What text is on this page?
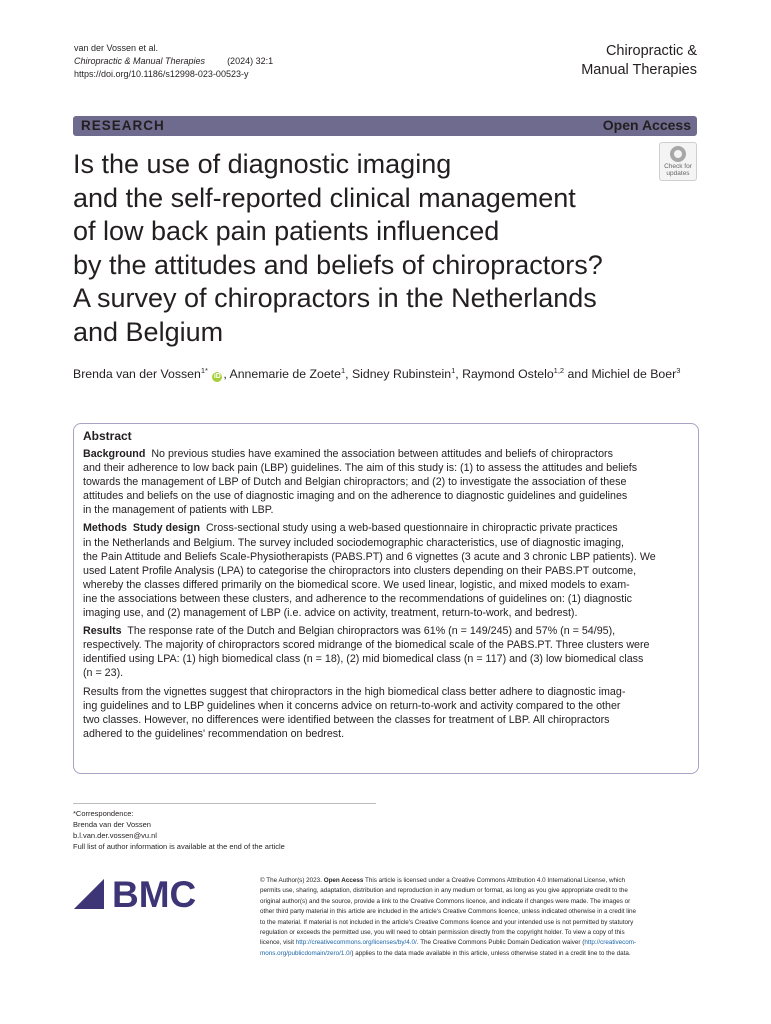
van der Vossen et al.
Chiropractic & Manual Therapies (2024) 32:1
https://doi.org/10.1186/s12998-023-00523-y
Chiropractic &
Manual Therapies
RESEARCH	Open Access
Check for
updates
Is the use of diagnostic imaging
and the self-reported clinical management
of low back pain patients influenced
by the attitudes and beliefs of chiropractors?
A survey of chiropractors in the Netherlands
and Belgium
Brenda van der Vossen$^{1*}$ iD , Annemarie de Zoete$^1$, Sidney Rubinstein$^1$, Raymond Ostelo$^{1,2}$ and Michiel de Boer$^3$
Abstract

Background No previous studies have examined the association between attitudes and beliefs of chiropractors
and their adherence to low back pain (LBP) guidelines. The aim of this study is: (1) to assess the attitudes and beliefs
towards the management of LBP of Dutch and Belgian chiropractors; and (2) to investigate the association of these
attitudes and beliefs on the use of diagnostic imaging and on the adherence to diagnostic guidelines and guidelines
in the management of patients with LBP.

Methods Study design Cross-sectional study using a web-based questionnaire in chiropractic private practices
in the Netherlands and Belgium. The survey included sociodemographic characteristics, use of diagnostic imaging,
the Pain Attitude and Beliefs Scale-Physiotherapists (PABS.PT) and 6 vignettes (3 acute and 3 chronic LBP patients). We
used Latent Profile Analysis (LPA) to categorise the chiropractors into clusters depending on their PABS.PT outcome,
whereby the classes differed primarily on the biomedical score. We used linear, logistic, and mixed models to exam-
ine the associations between these clusters, and adherence to the recommendations of guidelines on: (1) diagnostic
imaging use, and (2) management of LBP (i.e. advice on activity, treatment, return-to-work, and bedrest).

Results The response rate of the Dutch and Belgian chiropractors was 61% (n = 149/245) and 57% (n = 54/95),
respectively. The majority of chiropractors scored midrange of the biomedical scale of the PABS.PT. Three clusters were
identified using LPA: (1) high biomedical class (n = 18), (2) mid biomedical class (n = 117) and (3) low biomedical class
(n = 23).

Results from the vignettes suggest that chiropractors in the high biomedical class better adhere to diagnostic imag-
ing guidelines and to LBP guidelines when it concerns advice on return-to-work and activity compared to the other
two classes. However, no differences were identified between the classes for treatment of LBP. All chiropractors
adhered to the guidelines' recommendation on bedrest.

*Correspondence:
Brenda van der Vossen
b.l.van.der.vossen@vu.nl
Full list of author information is available at the end of the article
BMC	© The Author(s) 2023. Open Access This article is licensed under a Creative Commons Attribution 4.0 International License, which
permits use, sharing, adaptation, distribution and reproduction in any medium or format, as long as you give appropriate credit to the
original author(s) and the source, provide a link to the Creative Commons licence, and indicate if changes were made. The images or
other third party material in this article are included in the article's Creative Commons licence, unless indicated otherwise in a credit line
to the material. If material is not included in the article's Creative Commons licence and your intended use is not permitted by statutory
regulation or exceeds the permitted use, you will need to obtain permission directly from the copyright holder. To view a copy of this
licence, visit http://creativecommons.org/licenses/by/4.0/. The Creative Commons Public Domain Dedication waiver (http://creativecom-
mons.org/publicdomain/zero/1.0/) applies to the data made available in this article, unless otherwise stated in a credit line to the data.
